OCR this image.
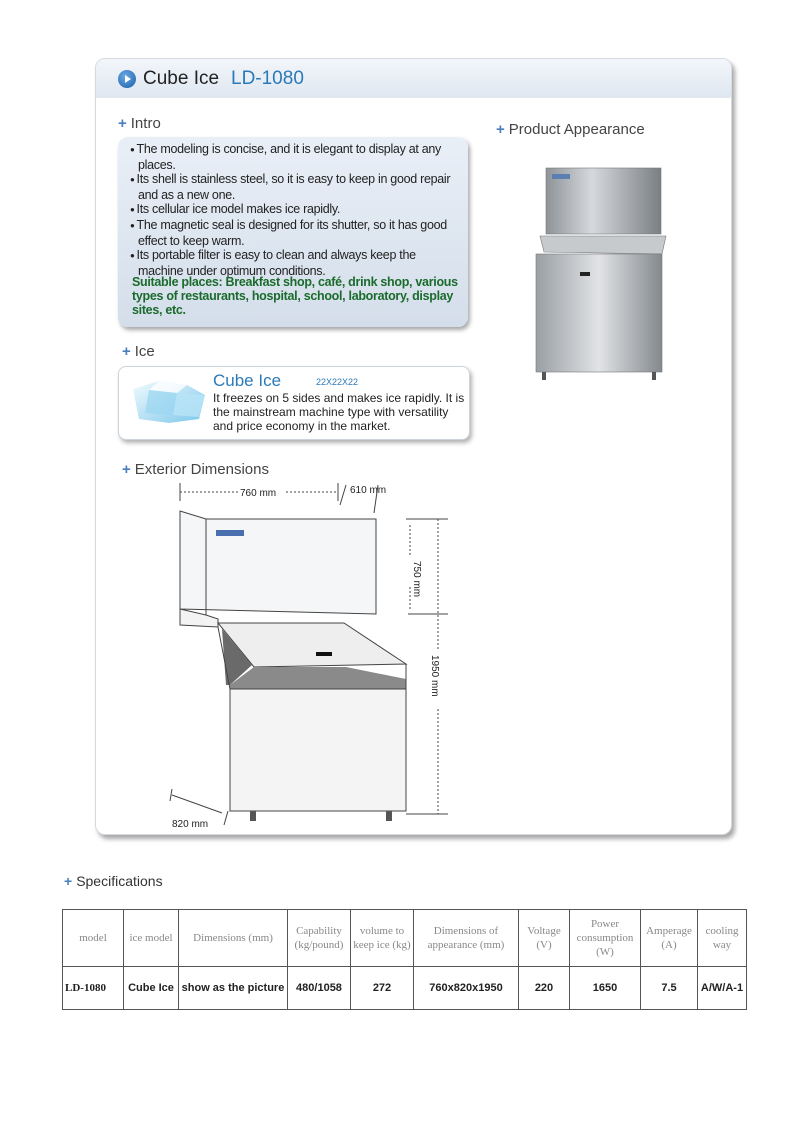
Cube Ice LD-1080
+ Intro
● The modeling is concise, and it is elegant to display at any places.
● Its shell is stainless steel, so it is easy to keep in good repair and as a new one.
● Its cellular ice model makes ice rapidly.
● The magnetic seal is designed for its shutter, so it has good effect to keep warm.
● Its portable filter is easy to clean and always keep the machine under optimum conditions.
Suitable places: Breakfast shop, café, drink shop, various types of restaurants, hospital, school, laboratory, display sites, etc.
+ Ice
Cube Ice	22X22X22
It freezes on 5 sides and makes ice rapidly. It is the mainstream machine type with versatility and price economy in the market.
+ Exterior Dimensions
+ Product Appearance
760 mm	610 mm
750 mm
1950 mm
820 mm
+ Specifications
model	ice model	Dimensions (mm)	Capability (kg/pound)	volume to keep ice (kg)	Dimensions of appearance (mm)	Voltage (V)	Power consumption (W)	Amperage (A)	cooling way
LD-1080	Cube Ice	show as the picture	480/1058	272	760x820x1950	220	1650	7.5	A/W/A-1
